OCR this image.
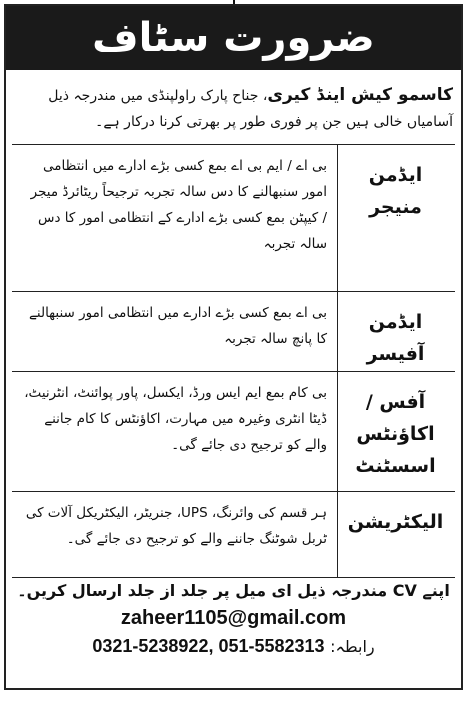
ضرورت سٹاف
کاسمو کیش اینڈ کیری، جناح پارک راولپنڈی میں مندرجہ ذیل آسامیاں خالی ہیں جن پر فوری طور پر بھرتی کرنا درکار ہے۔
ایڈمن منیجر
بی اے / ایم بی اے بمع کسی بڑے ادارے میں انتظامی امور سنبھالنے کا دس سالہ تجربہ ترجیحاً ریٹائرڈ میجر / کیپٹن بمع کسی بڑے ادارے کے انتظامی امور کا دس سالہ تجربہ
ایڈمن آفیسر
بی اے بمع کسی بڑے ادارے میں انتظامی امور سنبھالنے کا پانچ سالہ تجربہ
آفس / اکاؤنٹس اسسٹنٹ
بی کام بمع ایم ایس ورڈ، ایکسل، پاور پوائنٹ، انٹرنیٹ، ڈیٹا انٹری وغیرہ میں مہارت، اکاؤنٹس کا کام جاننے والے کو ترجیح دی جائے گی۔
الیکٹریشن
ہر قسم کی وائرنگ، UPS، جنریٹر، الیکٹریکل آلات کی ٹربل شوٹنگ جاننے والے کو ترجیح دی جائے گی۔
اپنے CV مندرجہ ذیل ای میل پر جلد از جلد ارسال کریں۔
zaheer1105@gmail.com
رابطہ: 0321-5238922, 051-5582313
